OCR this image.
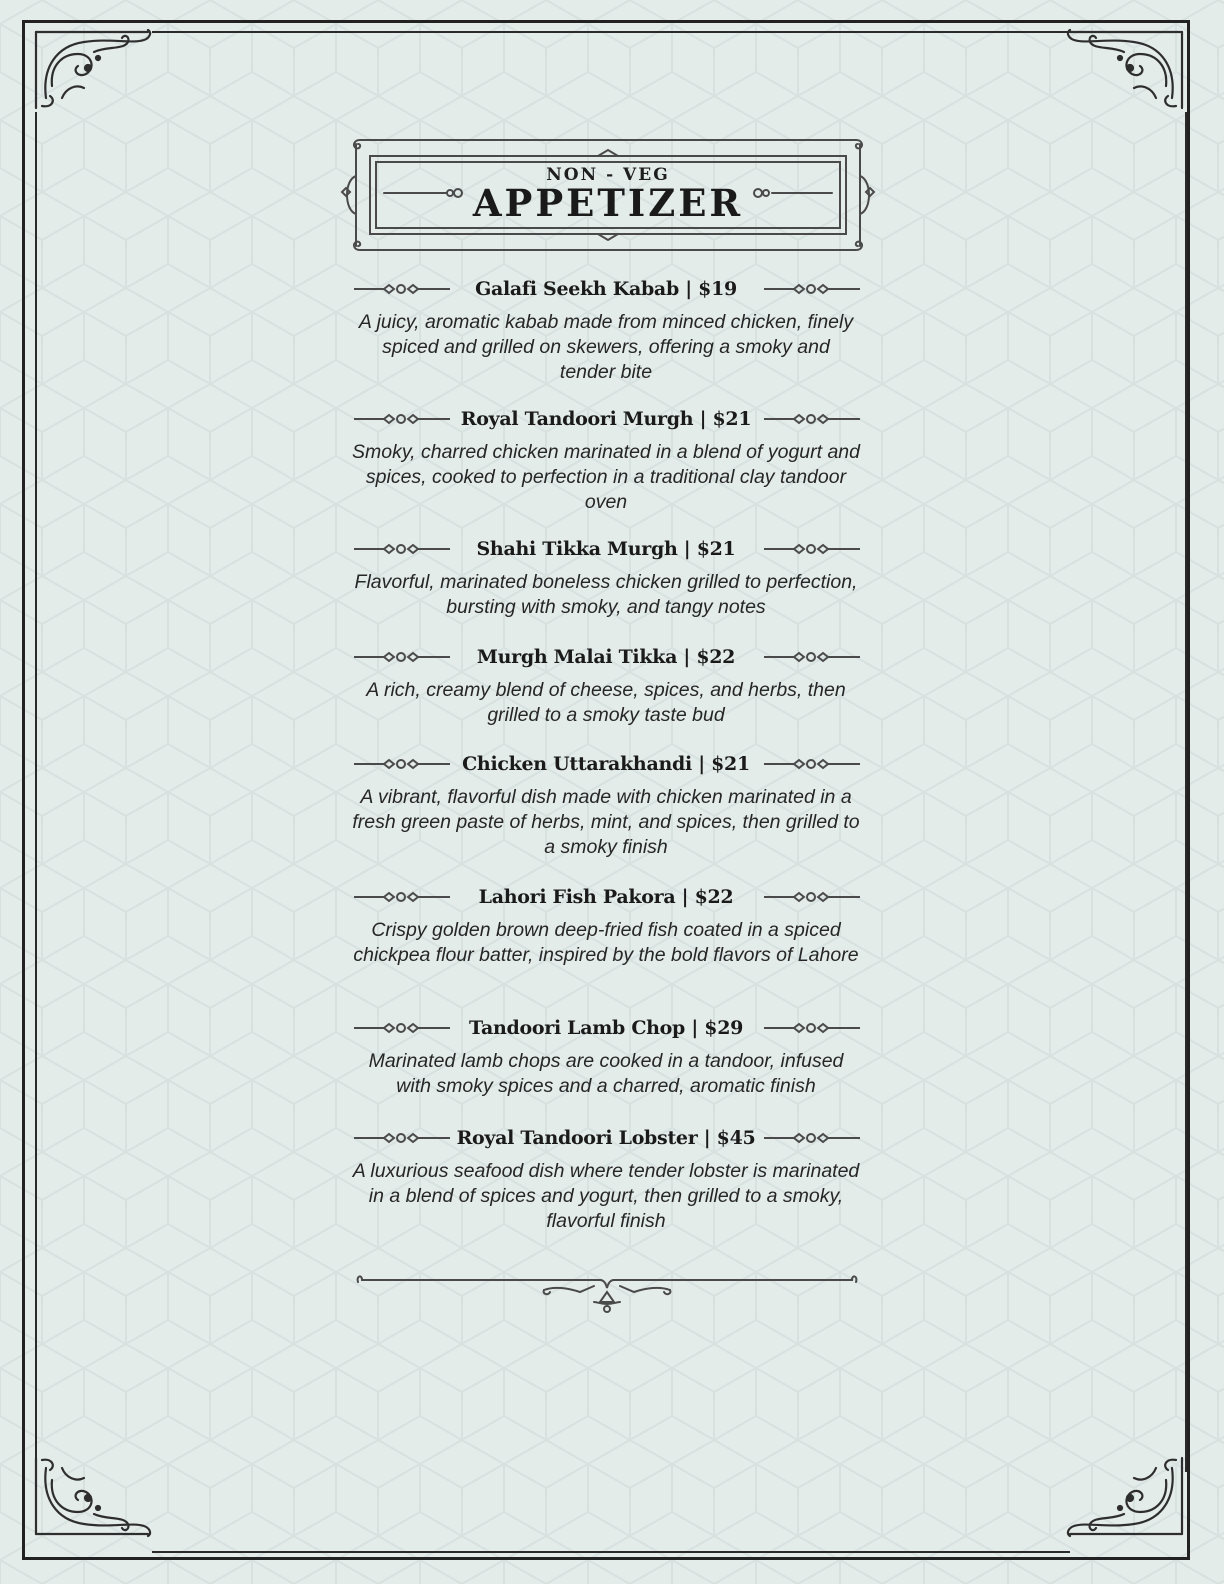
NON - VEG
APPETIZER
Galafi Seekh Kabab | $19
A juicy, aromatic kabab made from minced chicken, finely spiced and grilled on skewers, offering a smoky and tender bite
Royal Tandoori Murgh | $21
Smoky, charred chicken marinated in a blend of yogurt and spices, cooked to perfection in a traditional clay tandoor oven
Shahi Tikka Murgh | $21
Flavorful, marinated boneless chicken grilled to perfection, bursting with smoky, and tangy notes
Murgh Malai Tikka | $22
A rich, creamy blend of cheese, spices, and herbs, then grilled to a smoky taste bud
Chicken Uttarakhandi | $21
A vibrant, flavorful dish made with chicken marinated in a fresh green paste of herbs, mint, and spices, then grilled to a smoky finish
Lahori Fish Pakora | $22
Crispy golden brown deep-fried fish coated in a spiced chickpea flour batter, inspired by the bold flavors of Lahore
Tandoori Lamb Chop | $29
Marinated lamb chops are cooked in a tandoor, infused with smoky spices and a charred, aromatic finish
Royal Tandoori Lobster | $45
A luxurious seafood dish where tender lobster is marinated in a blend of spices and yogurt, then grilled to a smoky, flavorful finish
